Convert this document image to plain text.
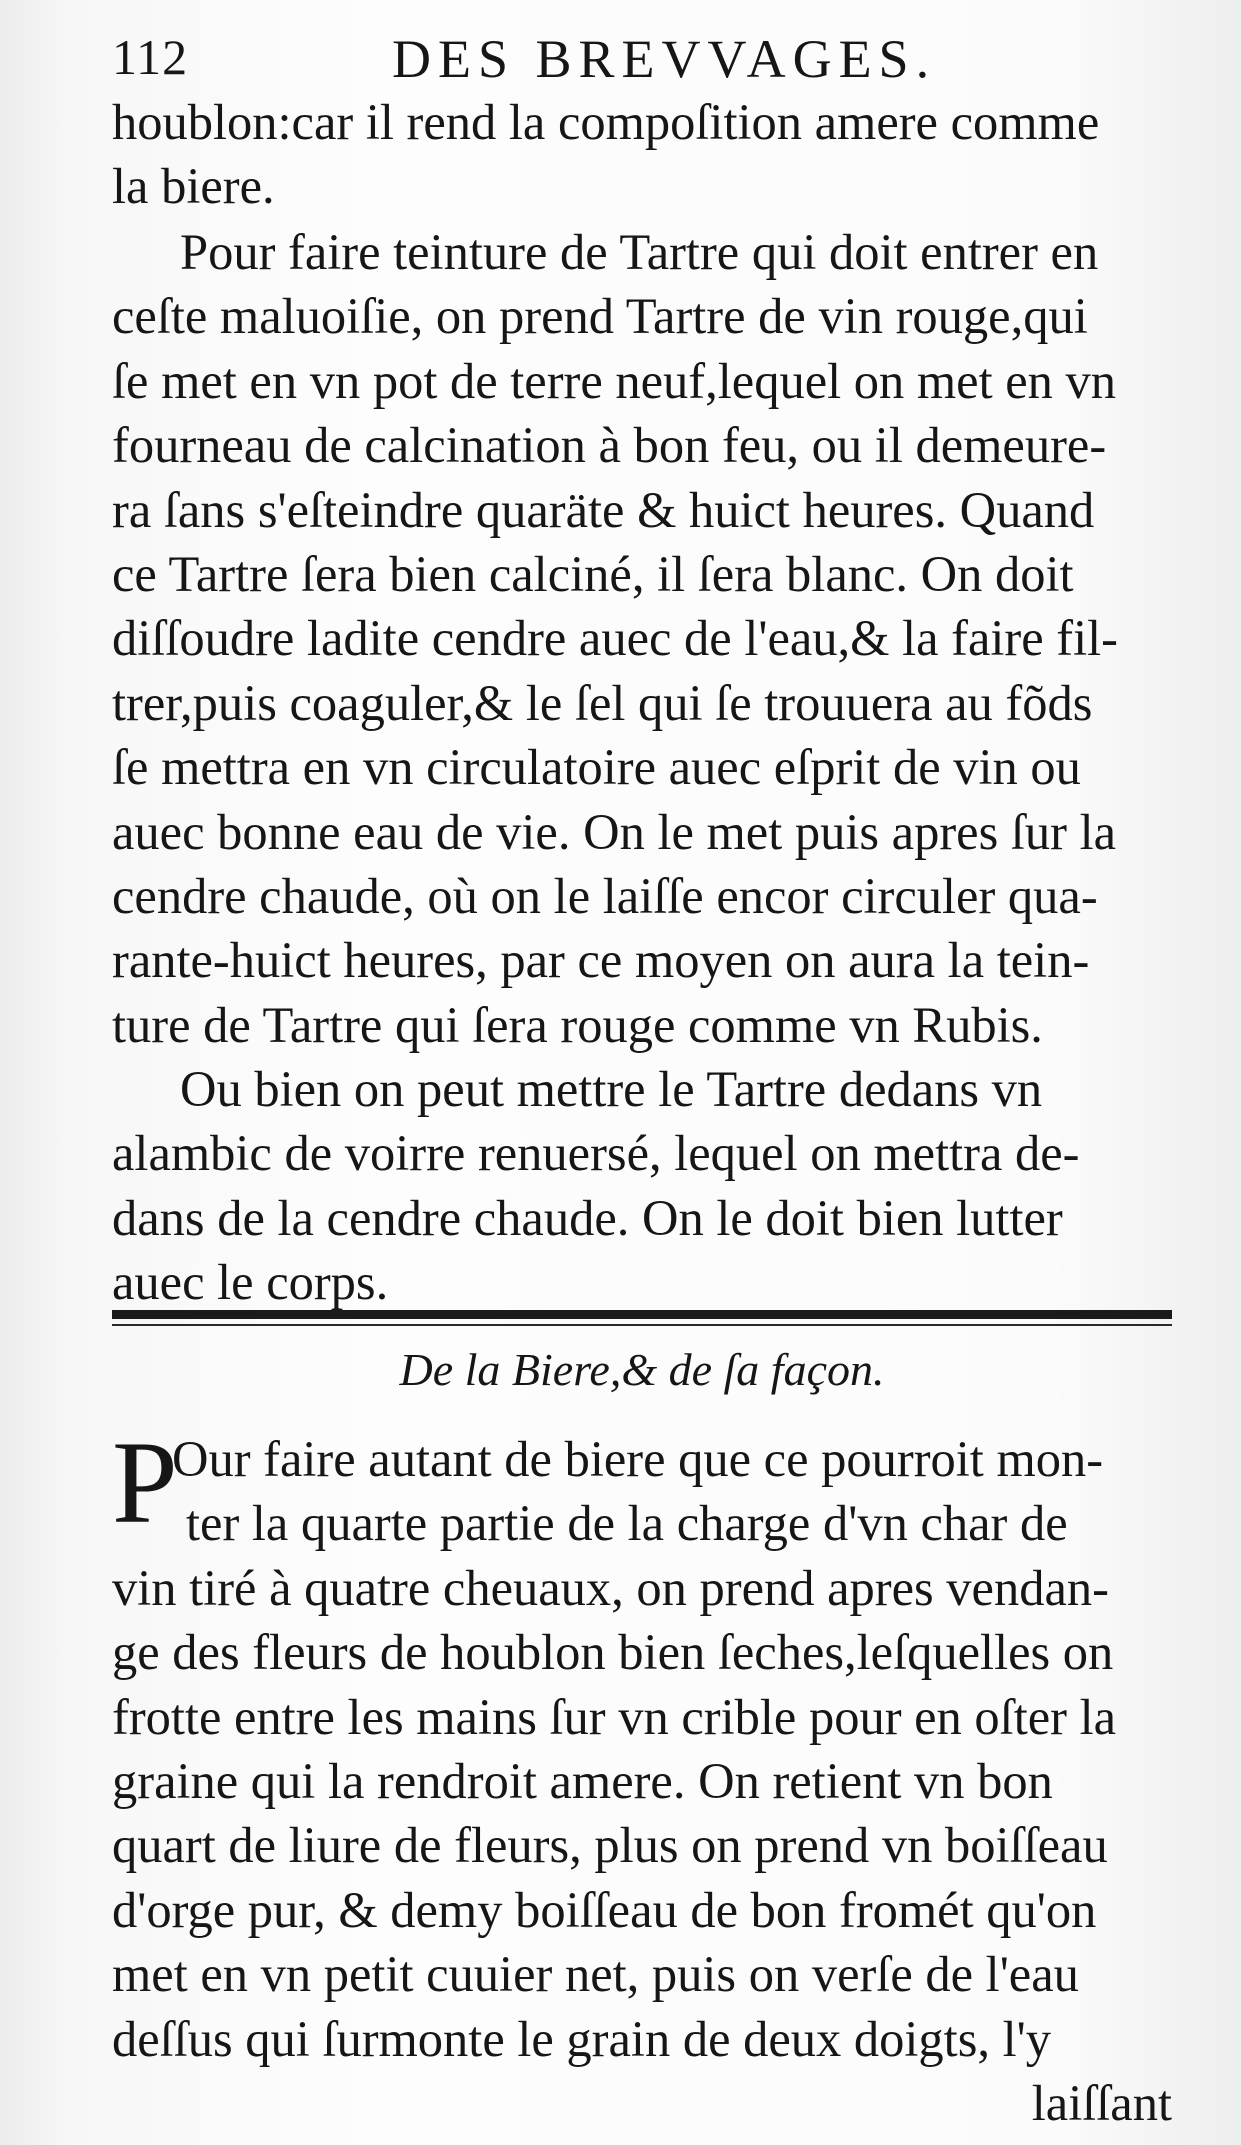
112	DES BREVVAGES.
houblon:car il rend la compoſition amere comme
la biere.
Pour faire teinture de Tartre qui doit entrer en
ceſte maluoiſie, on prend Tartre de vin rouge,qui
ſe met en vn pot de terre neuf,lequel on met en vn
fourneau de calcination à bon feu, ou il demeure-
ra ſans s'eſteindre quaräte & huict heures. Quand
ce Tartre ſera bien calciné, il ſera blanc. On doit
diſſoudre ladite cendre auec de l'eau,& la faire fil-
trer,puis coaguler,& le ſel qui ſe trouuera au fõds
ſe mettra en vn circulatoire auec eſprit de vin ou
auec bonne eau de vie. On le met puis apres ſur la
cendre chaude, où on le laiſſe encor circuler qua-
rante-huict heures, par ce moyen on aura la tein-
ture de Tartre qui ſera rouge comme vn Rubis.
Ou bien on peut mettre le Tartre dedans vn
alambic de voirre renuersé, lequel on mettra de-
dans de la cendre chaude. On le doit bien lutter
auec le corps.
De la Biere,& de ſa façon.
P
Our faire autant de biere que ce pourroit mon-
ter la quarte partie de la charge d'vn char de
vin tiré à quatre cheuaux, on prend apres vendan-
ge des fleurs de houblon bien ſeches,leſquelles on
frotte entre les mains ſur vn crible pour en oſter la
graine qui la rendroit amere. On retient vn bon
quart de liure de fleurs, plus on prend vn boiſſeau
d'orge pur, & demy boiſſeau de bon fromét qu'on
met en vn petit cuuier net, puis on verſe de l'eau
deſſus qui ſurmonte le grain de deux doigts, l'y
laiſſant
